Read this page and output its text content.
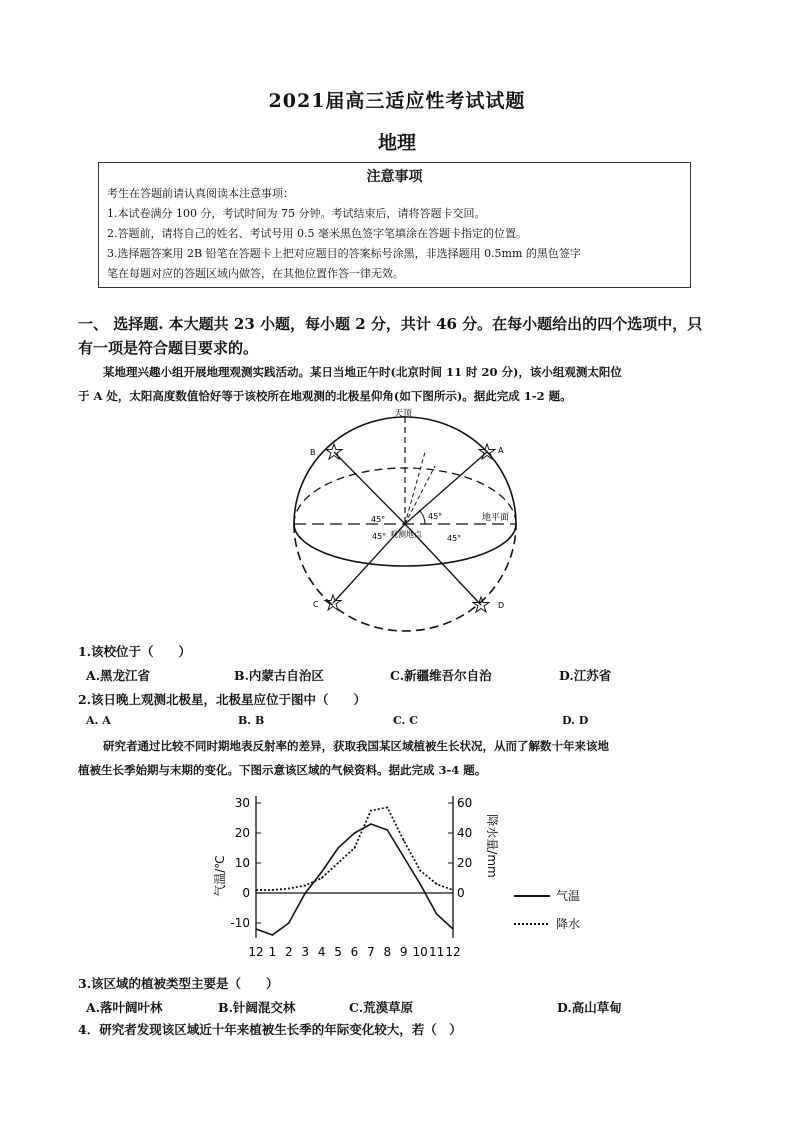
2021届高三适应性考试试题
地理
注意事项
考生在答题前请认真阅读本注意事项：
1.本试卷满分 100 分，考试时间为 75 分钟。考试结束后，请将答题卡交回。
2.答题前，请将自己的姓名、考试号用 0.5 毫米黑色签字笔填涂在答题卡指定的位置。
3.选择题答案用 2B 铅笔在答题卡上把对应题目的答案标号涂黑，非选择题用 0.5mm 的黑色签字
笔在每题对应的答题区域内做答，在其他位置作答一律无效。
一、 选择题. 本大题共 23 小题，每小题 2 分，共计 46 分。在每小题给出的四个选项中，只
有一项是符合题目要求的。
某地理兴趣小组开展地理观测实践活动。某日当地正午时(北京时间 11 时 20 分)，该小组观测太阳位
于 A 处，太阳高度数值恰好等于该校所在地观测的北极星仰角(如下图所示)。据此完成 1-2 题。
天顶
B	A
C	D
地平面
观测地点
45°	45°
45°	45°
1.该校位于（　　）
A.黑龙江省	B.内蒙古自治区	C.新疆维吾尔自治	D.江苏省
2.该日晚上观测北极星，北极星应位于图中（　　）
A. A	B. B	C. C	D. D
研究者通过比较不同时期地表反射率的差异，获取我国某区域植被生长状况，从而了解数十年来该地
植被生长季始期与末期的变化。下图示意该区域的气候资料。据此完成 3-4 题。
30
20
10
0
-10
60
40
20
0
12 1 2 3 4 5 6 7 8 9 10 11 12
气温/℃	降水量/mm
气温
降水
3.该区域的植被类型主要是（　　）
A.落叶阔叶林	B.针阔混交林	C.荒漠草原	D.高山草甸
4．研究者发现该区域近十年来植被生长季的年际变化较大，若（　）
